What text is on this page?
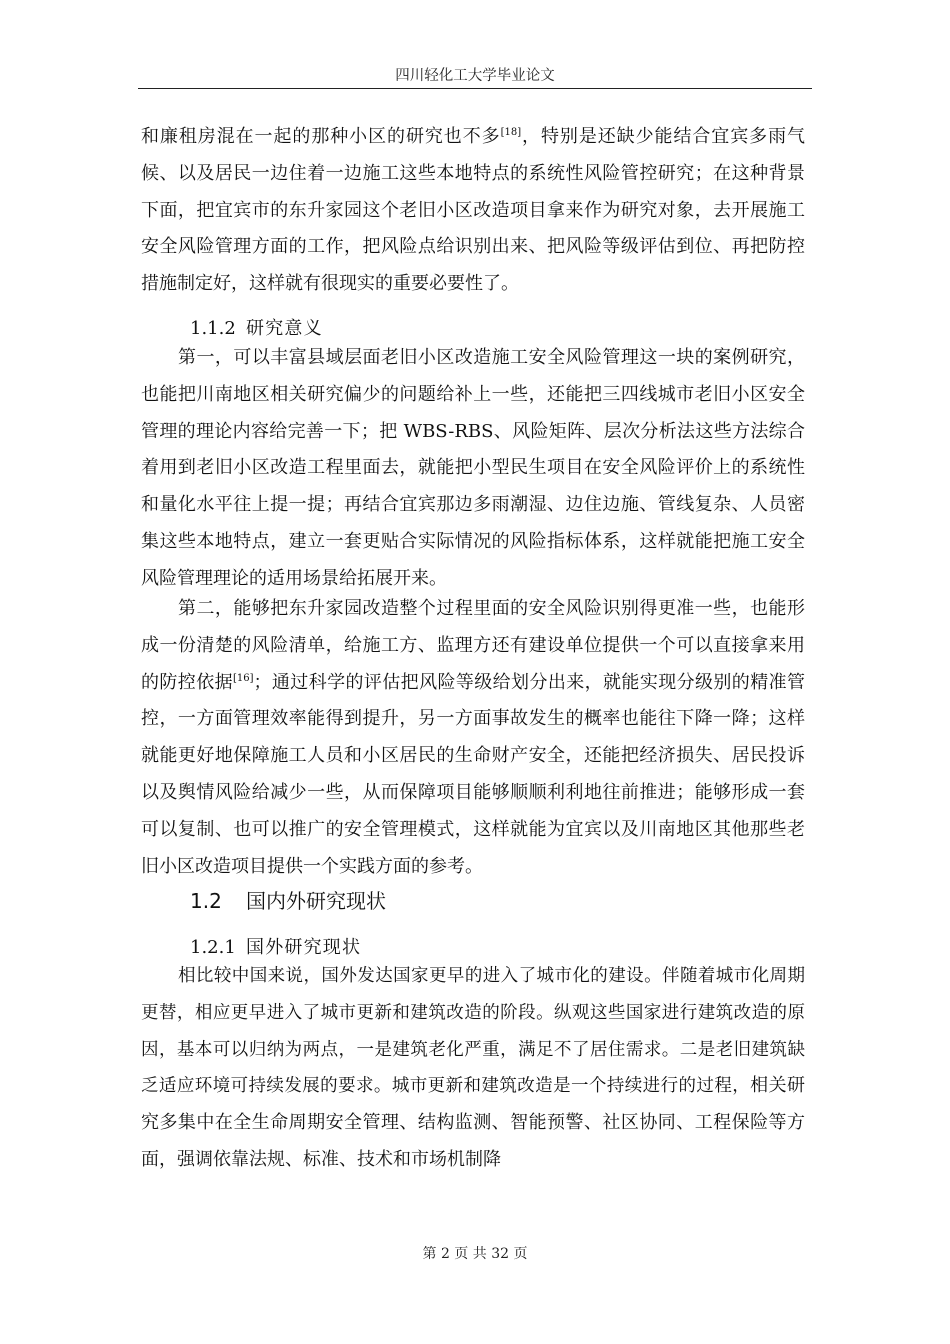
四川轻化工大学毕业论文

和廉租房混在一起的那种小区的研究也不多[18]，特别是还缺少能结合宜宾多雨气候、以及居民一边住着一边施工这些本地特点的系统性风险管控研究；在这种背景下面，把宜宾市的东升家园这个老旧小区改造项目拿来作为研究对象，去开展施工安全风险管理方面的工作，把风险点给识别出来、把风险等级评估到位、再把防控措施制定好，这样就有很现实的重要必要性了。

1.1.2 研究意义

第一，可以丰富县域层面老旧小区改造施工安全风险管理这一块的案例研究，也能把川南地区相关研究偏少的问题给补上一些，还能把三四线城市老旧小区安全管理的理论内容给完善一下；把 WBS-RBS、风险矩阵、层次分析法这些方法综合着用到老旧小区改造工程里面去，就能把小型民生项目在安全风险评价上的系统性和量化水平往上提一提；再结合宜宾那边多雨潮湿、边住边施、管线复杂、人员密集这些本地特点，建立一套更贴合实际情况的风险指标体系，这样就能把施工安全风险管理理论的适用场景给拓展开来。

第二，能够把东升家园改造整个过程里面的安全风险识别得更准一些，也能形成一份清楚的风险清单，给施工方、监理方还有建设单位提供一个可以直接拿来用的防控依据[16]；通过科学的评估把风险等级给划分出来，就能实现分级别的精准管控，一方面管理效率能得到提升，另一方面事故发生的概率也能往下降一降；这样就能更好地保障施工人员和小区居民的生命财产安全，还能把经济损失、居民投诉以及舆情风险给减少一些，从而保障项目能够顺顺利利地往前推进；能够形成一套可以复制、也可以推广的安全管理模式，这样就能为宜宾以及川南地区其他那些老旧小区改造项目提供一个实践方面的参考。

1.2 国内外研究现状
1.2.1 国外研究现状

相比较中国来说，国外发达国家更早的进入了城市化的建设。伴随着城市化周期更替，相应更早进入了城市更新和建筑改造的阶段。纵观这些国家进行建筑改造的原因，基本可以归纳为两点，一是建筑老化严重，满足不了居住需求。二是老旧建筑缺乏适应环境可持续发展的要求。城市更新和建筑改造是一个持续进行的过程，相关研究多集中在全生命周期安全管理、结构监测、智能预警、社区协同、工程保险等方面，强调依靠法规、标准、技术和市场机制降

第 2 页 共 32 页
